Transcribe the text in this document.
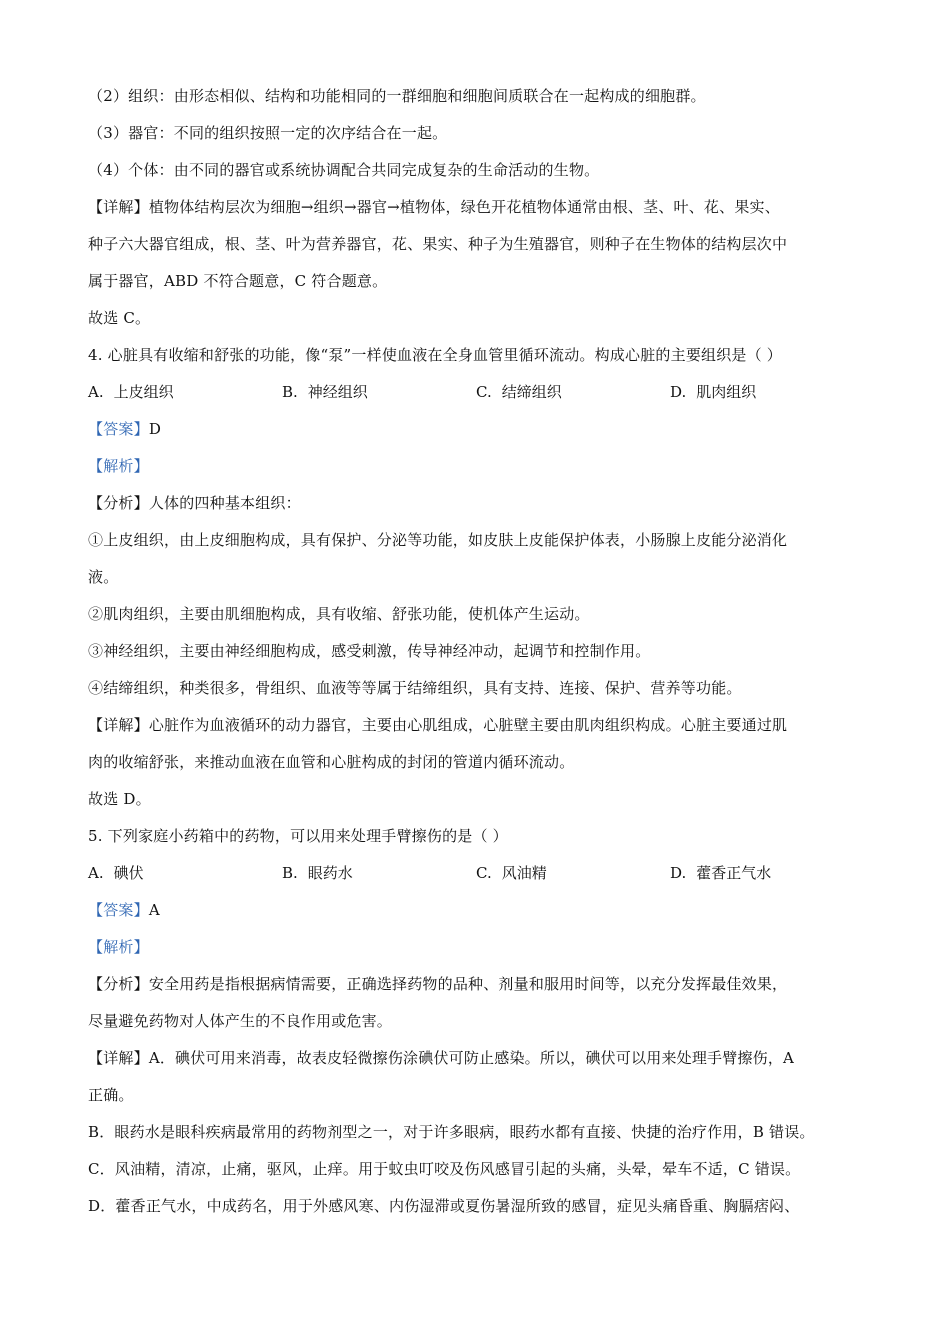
（2）组织：由形态相似、结构和功能相同的一群细胞和细胞间质联合在一起构成的细胞群。
（3）器官：不同的组织按照一定的次序结合在一起。
（4）个体：由不同的器官或系统协调配合共同完成复杂的生命活动的生物。
【详解】植物体结构层次为细胞→组织→器官→植物体，绿色开花植物体通常由根、茎、叶、花、果实、
种子六大器官组成，根、茎、叶为营养器官，花、果实、种子为生殖器官，则种子在生物体的结构层次中
属于器官，ABD 不符合题意，C 符合题意。
故选 C。
4. 心脏具有收缩和舒张的功能，像“泵”一样使血液在全身血管里循环流动。构成心脏的主要组织是（ ）
A. 上皮组织	B. 神经组织	C. 结缔组织	D. 肌肉组织
【答案】D
【解析】
【分析】人体的四种基本组织：
①上皮组织，由上皮细胞构成，具有保护、分泌等功能，如皮肤上皮能保护体表，小肠腺上皮能分泌消化
液。
②肌肉组织，主要由肌细胞构成，具有收缩、舒张功能，使机体产生运动。
③神经组织，主要由神经细胞构成，感受刺激，传导神经冲动，起调节和控制作用。
④结缔组织，种类很多，骨组织、血液等等属于结缔组织，具有支持、连接、保护、营养等功能。
【详解】心脏作为血液循环的动力器官，主要由心肌组成，心脏壁主要由肌肉组织构成。心脏主要通过肌
肉的收缩舒张，来推动血液在血管和心脏构成的封闭的管道内循环流动。
故选 D。
5. 下列家庭小药箱中的药物，可以用来处理手臂擦伤的是（ ）
A. 碘伏	B. 眼药水	C. 风油精	D. 藿香正气水
【答案】A
【解析】
【分析】安全用药是指根据病情需要，正确选择药物的品种、剂量和服用时间等，以充分发挥最佳效果，
尽量避免药物对人体产生的不良作用或危害。
【详解】A．碘伏可用来消毒，故表皮轻微擦伤涂碘伏可防止感染。所以，碘伏可以用来处理手臂擦伤，A
正确。
B．眼药水是眼科疾病最常用的药物剂型之一，对于许多眼病，眼药水都有直接、快捷的治疗作用，B 错误。
C．风油精，清凉，止痛，驱风，止痒。用于蚊虫叮咬及伤风感冒引起的头痛，头晕，晕车不适，C 错误。
D．藿香正气水，中成药名，用于外感风寒、内伤湿滞或夏伤暑湿所致的感冒，症见头痛昏重、胸膈痞闷、
